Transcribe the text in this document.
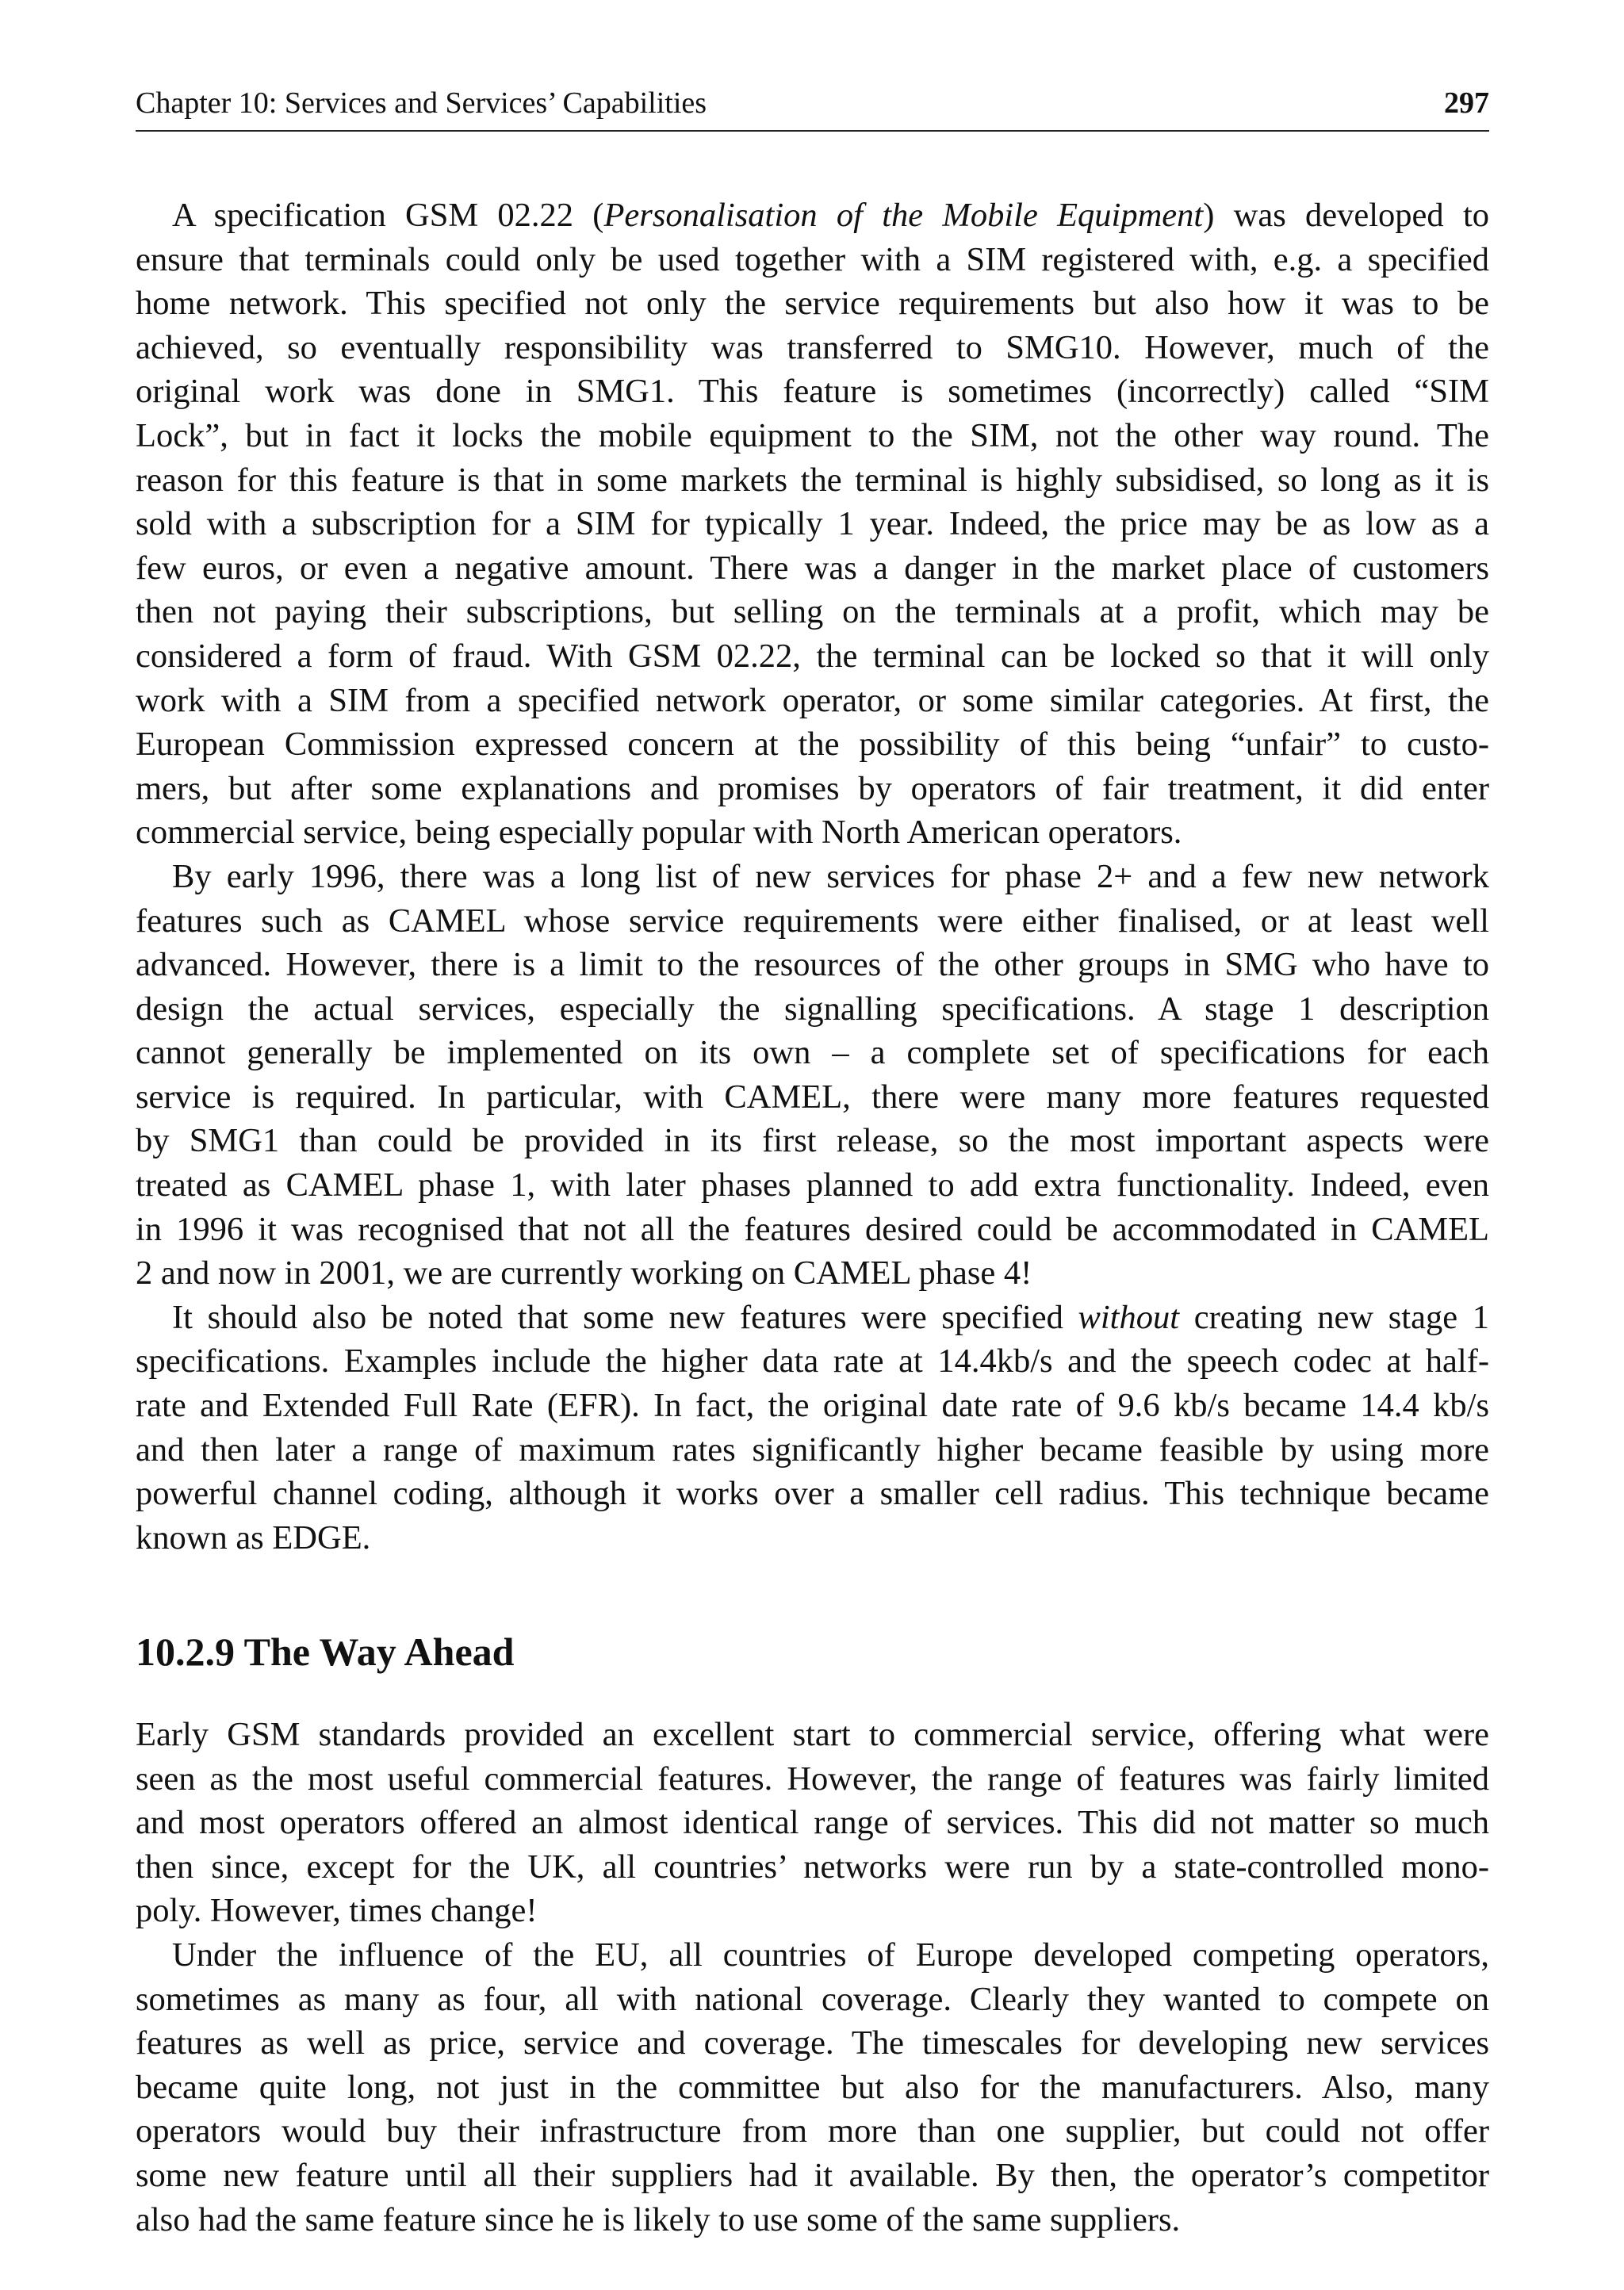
Chapter 10: Services and Services’ Capabilities	297
A specification GSM 02.22 (Personalisation of the Mobile Equipment) was developed to
ensure that terminals could only be used together with a SIM registered with, e.g. a specified
home network. This specified not only the service requirements but also how it was to be
achieved, so eventually responsibility was transferred to SMG10. However, much of the
original work was done in SMG1. This feature is sometimes (incorrectly) called “SIM
Lock”, but in fact it locks the mobile equipment to the SIM, not the other way round. The
reason for this feature is that in some markets the terminal is highly subsidised, so long as it is
sold with a subscription for a SIM for typically 1 year. Indeed, the price may be as low as a
few euros, or even a negative amount. There was a danger in the market place of customers
then not paying their subscriptions, but selling on the terminals at a profit, which may be
considered a form of fraud. With GSM 02.22, the terminal can be locked so that it will only
work with a SIM from a specified network operator, or some similar categories. At first, the
European Commission expressed concern at the possibility of this being “unfair” to custo-
mers, but after some explanations and promises by operators of fair treatment, it did enter
commercial service, being especially popular with North American operators.
By early 1996, there was a long list of new services for phase 2+ and a few new network
features such as CAMEL whose service requirements were either finalised, or at least well
advanced. However, there is a limit to the resources of the other groups in SMG who have to
design the actual services, especially the signalling specifications. A stage 1 description
cannot generally be implemented on its own – a complete set of specifications for each
service is required. In particular, with CAMEL, there were many more features requested
by SMG1 than could be provided in its first release, so the most important aspects were
treated as CAMEL phase 1, with later phases planned to add extra functionality. Indeed, even
in 1996 it was recognised that not all the features desired could be accommodated in CAMEL
2 and now in 2001, we are currently working on CAMEL phase 4!
It should also be noted that some new features were specified without creating new stage 1
specifications. Examples include the higher data rate at 14.4kb/s and the speech codec at half-
rate and Extended Full Rate (EFR). In fact, the original date rate of 9.6 kb/s became 14.4 kb/s
and then later a range of maximum rates significantly higher became feasible by using more
powerful channel coding, although it works over a smaller cell radius. This technique became
known as EDGE.
10.2.9 The Way Ahead
Early GSM standards provided an excellent start to commercial service, offering what were
seen as the most useful commercial features. However, the range of features was fairly limited
and most operators offered an almost identical range of services. This did not matter so much
then since, except for the UK, all countries’ networks were run by a state-controlled mono-
poly. However, times change!
Under the influence of the EU, all countries of Europe developed competing operators,
sometimes as many as four, all with national coverage. Clearly they wanted to compete on
features as well as price, service and coverage. The timescales for developing new services
became quite long, not just in the committee but also for the manufacturers. Also, many
operators would buy their infrastructure from more than one supplier, but could not offer
some new feature until all their suppliers had it available. By then, the operator’s competitor
also had the same feature since he is likely to use some of the same suppliers.
